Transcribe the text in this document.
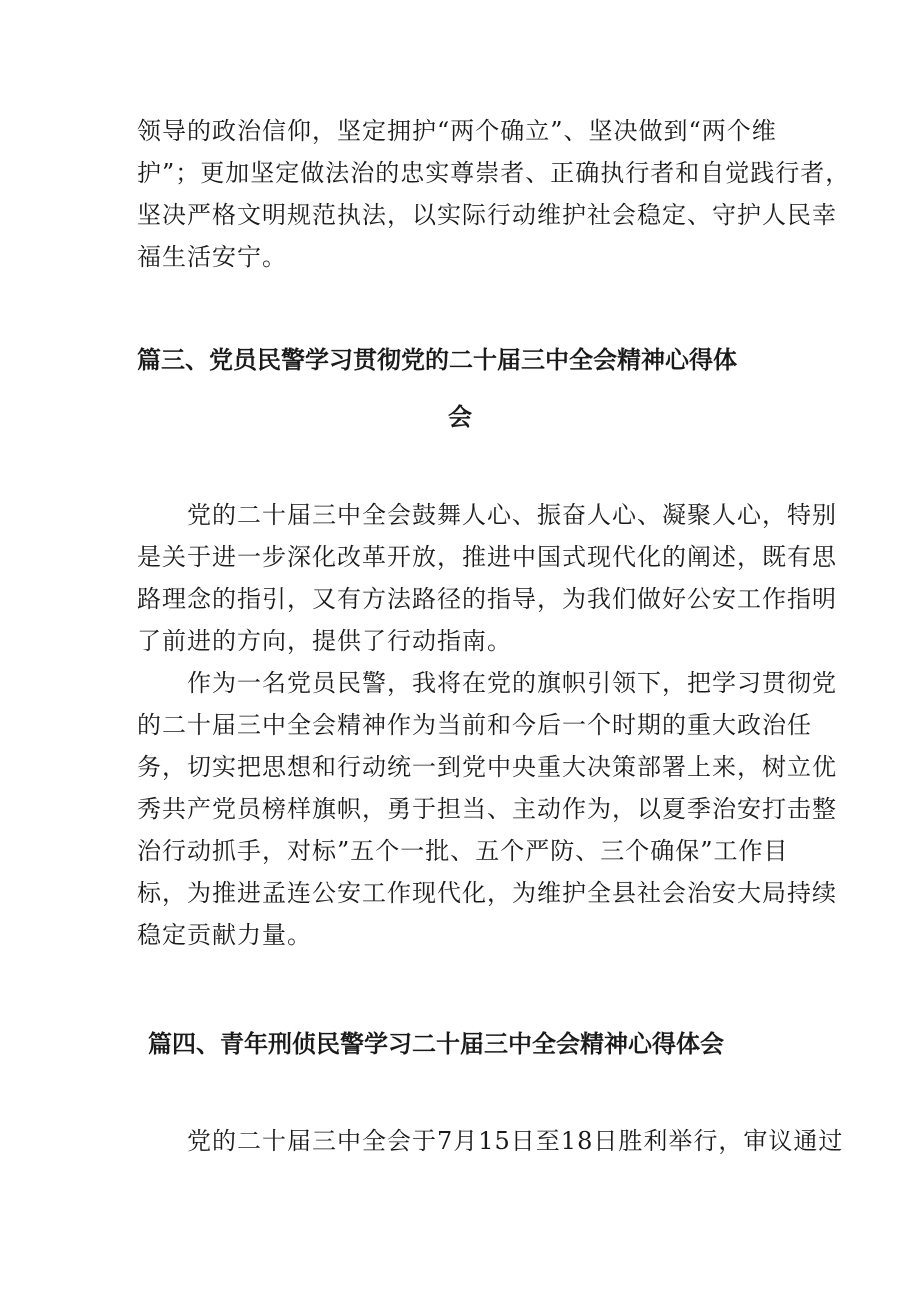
领导的政治信仰，坚定拥护“两个确立”、坚决做到“两个维
护”；更加坚定做法治的忠实尊崇者、正确执行者和自觉践行者，
坚决严格文明规范执法，以实际行动维护社会稳定、守护人民幸
福生活安宁。

篇三、党员民警学习贯彻党的二十届三中全会精神心得体
会

　　党的二十届三中全会鼓舞人心、振奋人心、凝聚人心，特别
是关于进一步深化改革开放，推进中国式现代化的阐述，既有思
路理念的指引，又有方法路径的指导，为我们做好公安工作指明
了前进的方向，提供了行动指南。

　　作为一名党员民警，我将在党的旗帜引领下，把学习贯彻党
的二十届三中全会精神作为当前和今后一个时期的重大政治任
务，切实把思想和行动统一到党中央重大决策部署上来，树立优
秀共产党员榜样旗帜，勇于担当、主动作为，以夏季治安打击整
治行动抓手，对标”五个一批、五个严防、三个确保”工作目
标，为推进孟连公安工作现代化，为维护全县社会治安大局持续
稳定贡献力量。

篇四、青年刑侦民警学习二十届三中全会精神心得体会

　　党的二十届三中全会于7月15日至18日胜利举行，审议通过
